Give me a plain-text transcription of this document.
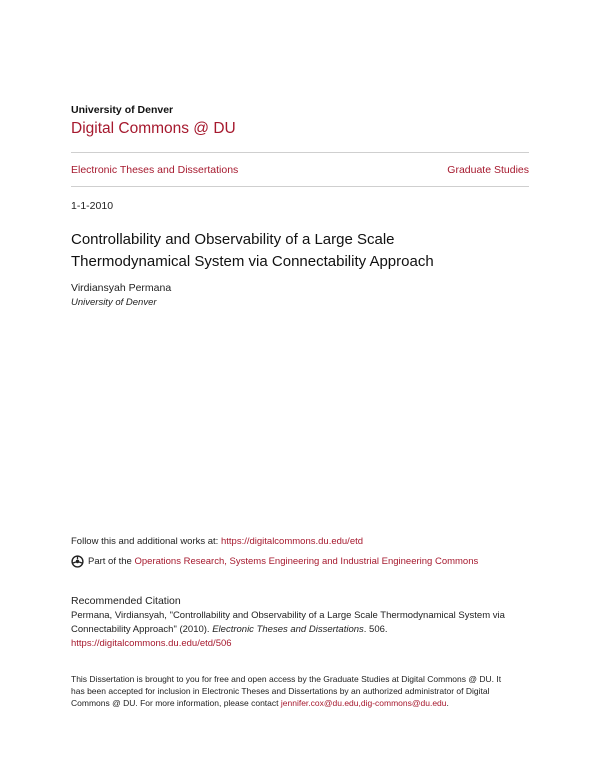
University of Denver
Digital Commons @ DU
Electronic Theses and Dissertations	Graduate Studies
1-1-2010
Controllability and Observability of a Large Scale
Thermodynamical System via Connectability Approach
Virdiansyah Permana
University of Denver
Follow this and additional works at: https://digitalcommons.du.edu/etd
Part of the
Operations Research, Systems Engineering and Industrial Engineering Commons
Recommended Citation
Permana, Virdiansyah, "Controllability and Observability of a Large Scale Thermodynamical System via
Connectability Approach" (2010). Electronic Theses and Dissertations. 506.
https://digitalcommons.du.edu/etd/506
This Dissertation is brought to you for free and open access by the Graduate Studies at Digital Commons @ DU. It
has been accepted for inclusion in Electronic Theses and Dissertations by an authorized administrator of Digital
Commons @ DU. For more information, please contact jennifer.cox@du.edu,dig-commons@du.edu.
